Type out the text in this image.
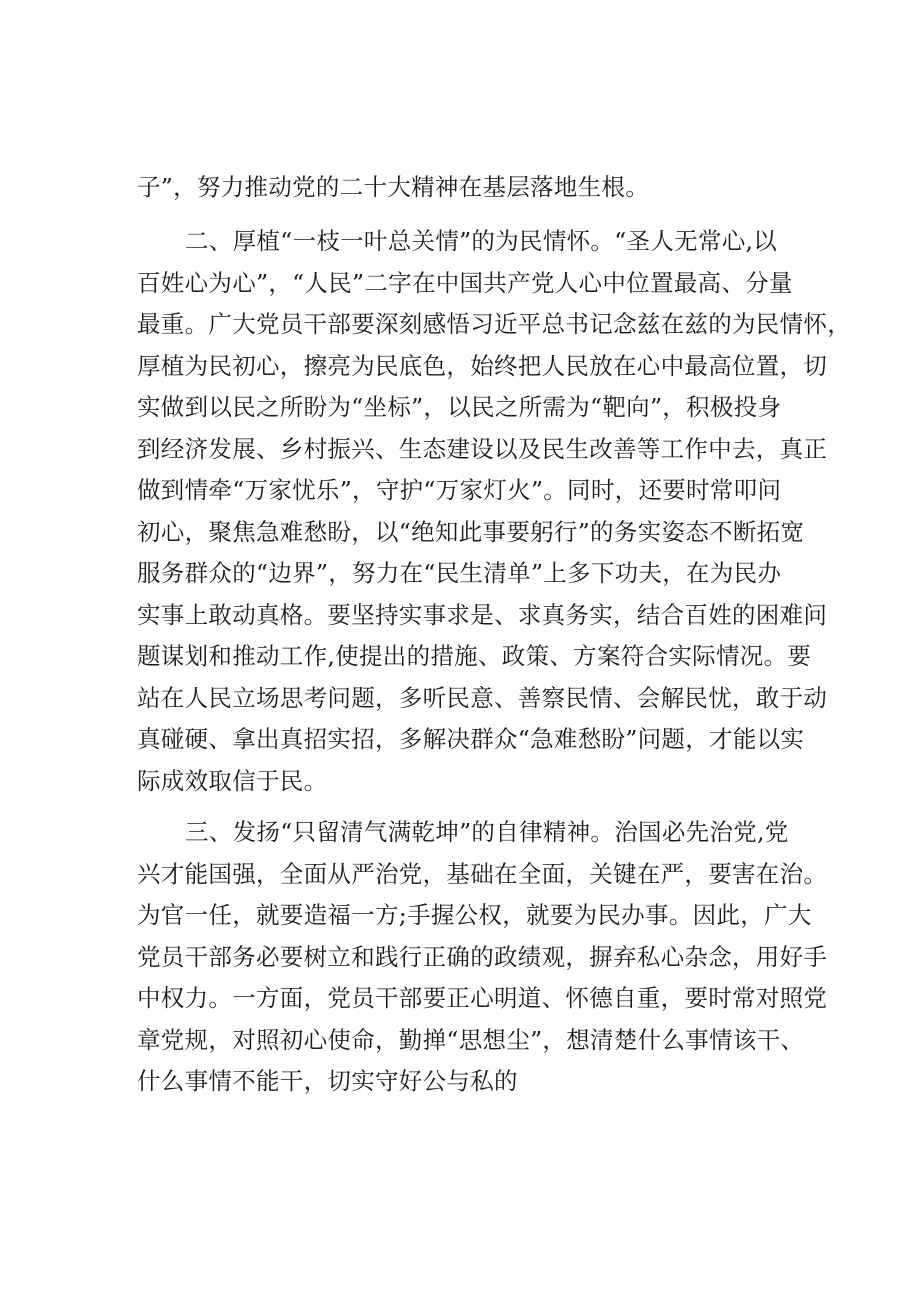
子”，努力推动党的二十大精神在基层落地生根。
二、厚植“一枝一叶总关情”的为民情怀。“圣人无常心,以
百姓心为心”，“人民”二字在中国共产党人心中位置最高、分量
最重。广大党员干部要深刻感悟习近平总书记念兹在兹的为民情怀，
厚植为民初心，擦亮为民底色，始终把人民放在心中最高位置，切
实做到以民之所盼为“坐标”，以民之所需为“靶向”，积极投身
到经济发展、乡村振兴、生态建设以及民生改善等工作中去，真正
做到情牵“万家忧乐”，守护“万家灯火”。同时，还要时常叩问
初心，聚焦急难愁盼，以“绝知此事要躬行”的务实姿态不断拓宽
服务群众的“边界”，努力在“民生清单”上多下功夫，在为民办
实事上敢动真格。要坚持实事求是、求真务实，结合百姓的困难问
题谋划和推动工作,使提出的措施、政策、方案符合实际情况。要
站在人民立场思考问题，多听民意、善察民情、会解民忧，敢于动
真碰硬、拿出真招实招，多解决群众“急难愁盼”问题，才能以实
际成效取信于民。
三、发扬“只留清气满乾坤”的自律精神。治国必先治党,党
兴才能国强，全面从严治党，基础在全面，关键在严，要害在治。
为官一任，就要造福一方;手握公权，就要为民办事。因此，广大
党员干部务必要树立和践行正确的政绩观，摒弃私心杂念，用好手
中权力。一方面，党员干部要正心明道、怀德自重，要时常对照党
章党规，对照初心使命，勤掸“思想尘”，想清楚什么事情该干、
什么事情不能干，切实守好公与私的
